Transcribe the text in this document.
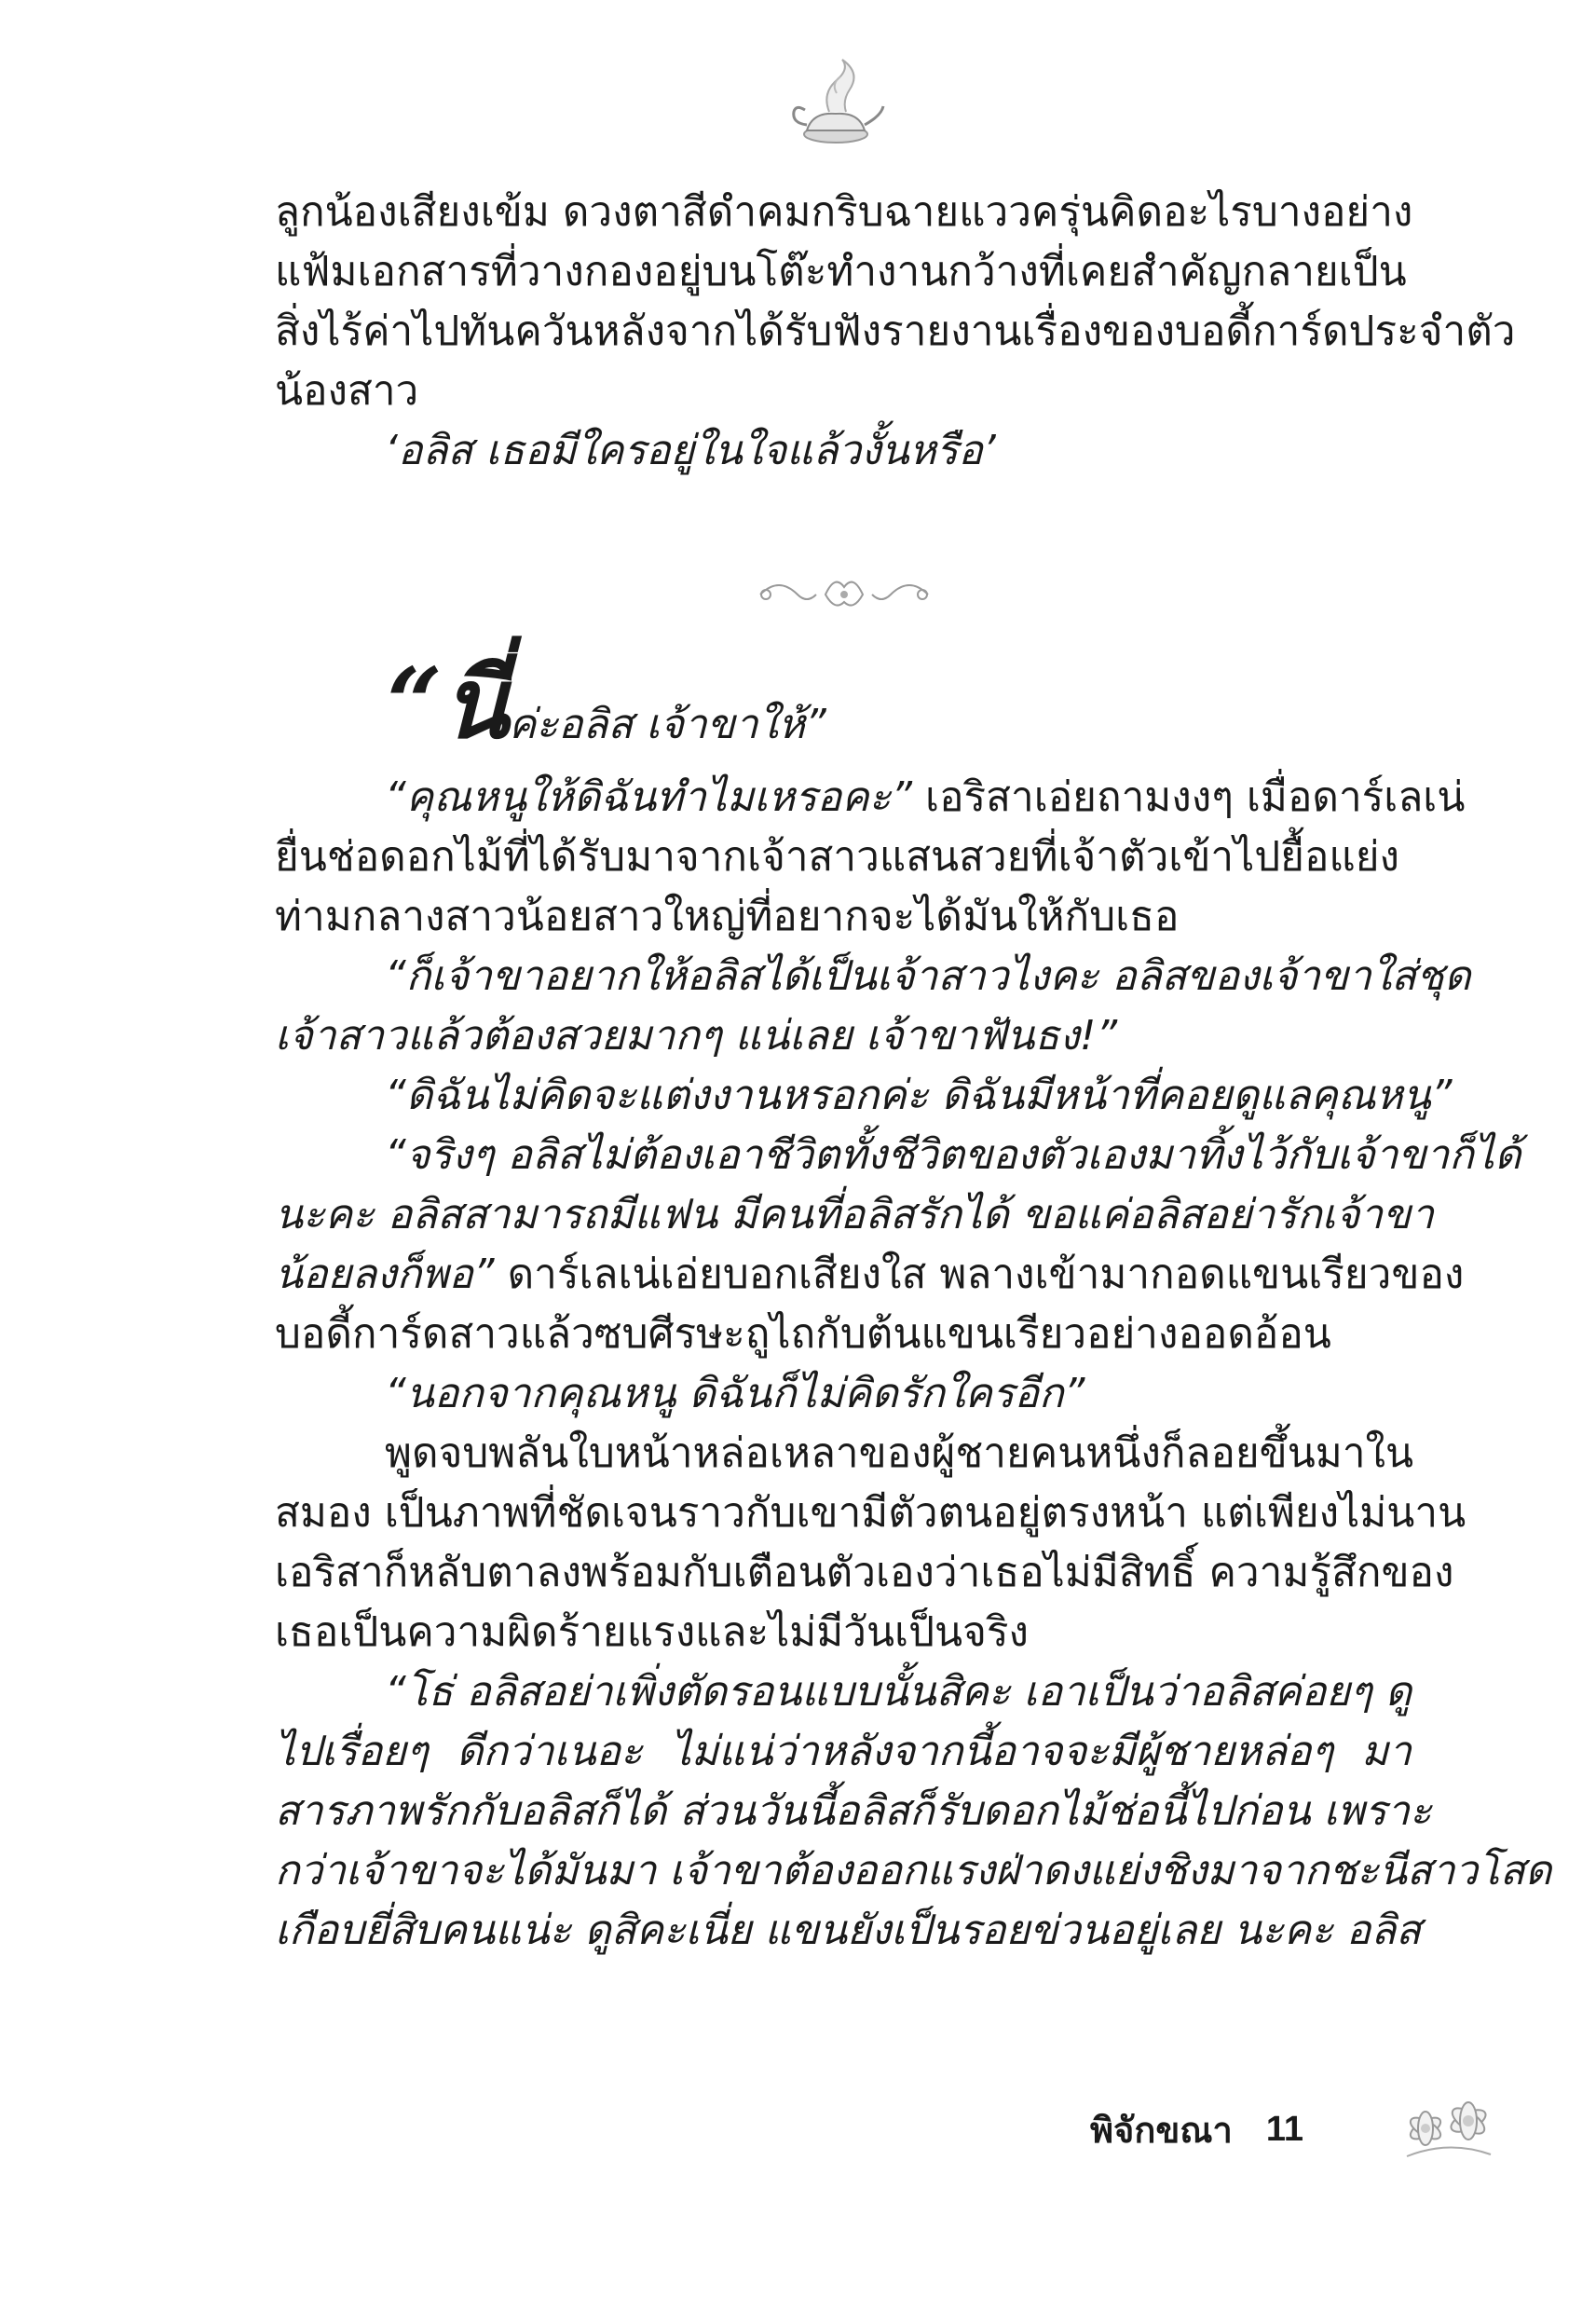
ลูกน้องเสียงเข้ม ดวงตาสีดำคมกริบฉายแววครุ่นคิดอะไรบางอย่าง
แฟ้มเอกสารที่วางกองอยู่บนโต๊ะทำงานกว้างที่เคยสำคัญกลายเป็น
สิ่งไร้ค่าไปทันควันหลังจากได้รับฟังรายงานเรื่องของบอดี้การ์ดประจำตัว
น้องสาว
‘อลิส เธอมีใครอยู่ในใจแล้วงั้นหรือ’
“นี่ค่ะอลิส เจ้าขาให้”
“คุณหนูให้ดิฉันทำไมเหรอคะ” เอริสาเอ่ยถามงงๆ เมื่อดาร์เลเน่
ยื่นช่อดอกไม้ที่ได้รับมาจากเจ้าสาวแสนสวยที่เจ้าตัวเข้าไปยื้อแย่ง
ท่ามกลางสาวน้อยสาวใหญ่ที่อยากจะได้มันให้กับเธอ
“ก็เจ้าขาอยากให้อลิสได้เป็นเจ้าสาวไงคะ อลิสของเจ้าขาใส่ชุด
เจ้าสาวแล้วต้องสวยมากๆ แน่เลย เจ้าขาฟันธง!”
“ดิฉันไม่คิดจะแต่งงานหรอกค่ะ ดิฉันมีหน้าที่คอยดูแลคุณหนู”
“จริงๆ อลิสไม่ต้องเอาชีวิตทั้งชีวิตของตัวเองมาทิ้งไว้กับเจ้าขาก็ได้
นะคะ อลิสสามารถมีแฟน มีคนที่อลิสรักได้ ขอแค่อลิสอย่ารักเจ้าขา
น้อยลงก็พอ” ดาร์เลเน่เอ่ยบอกเสียงใส พลางเข้ามากอดแขนเรียวของ
บอดี้การ์ดสาวแล้วซบศีรษะถูไถกับต้นแขนเรียวอย่างออดอ้อน
“นอกจากคุณหนู ดิฉันก็ไม่คิดรักใครอีก”
พูดจบพลันใบหน้าหล่อเหลาของผู้ชายคนหนึ่งก็ลอยขึ้นมาใน
สมอง เป็นภาพที่ชัดเจนราวกับเขามีตัวตนอยู่ตรงหน้า แต่เพียงไม่นาน
เอริสาก็หลับตาลงพร้อมกับเตือนตัวเองว่าเธอไม่มีสิทธิ์ ความรู้สึกของ
เธอเป็นความผิดร้ายแรงและไม่มีวันเป็นจริง
“โธ่ อลิสอย่าเพิ่งตัดรอนแบบนั้นสิคะ เอาเป็นว่าอลิสค่อยๆ ดู
ไปเรื่อยๆ ดีกว่าเนอะ ไม่แน่ว่าหลังจากนี้อาจจะมีผู้ชายหล่อๆ มา
สารภาพรักกับอลิสก็ได้ ส่วนวันนี้อลิสก็รับดอกไม้ช่อนี้ไปก่อน เพราะ
กว่าเจ้าขาจะได้มันมา เจ้าขาต้องออกแรงฝ่าดงแย่งชิงมาจากชะนีสาวโสด
เกือบยี่สิบคนแน่ะ ดูสิคะเนี่ย แขนยังเป็นรอยข่วนอยู่เลย นะคะ อลิส
พิจักขณา 11
